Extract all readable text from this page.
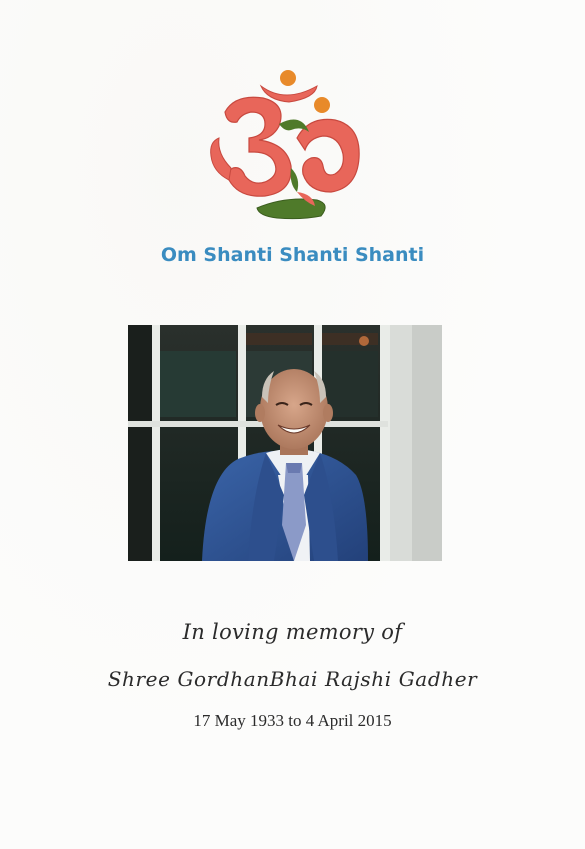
Om Shanti Shanti Shanti
In loving memory of
Shree GordhanBhai Rajshi Gadher
17 May 1933 to 4 April 2015
